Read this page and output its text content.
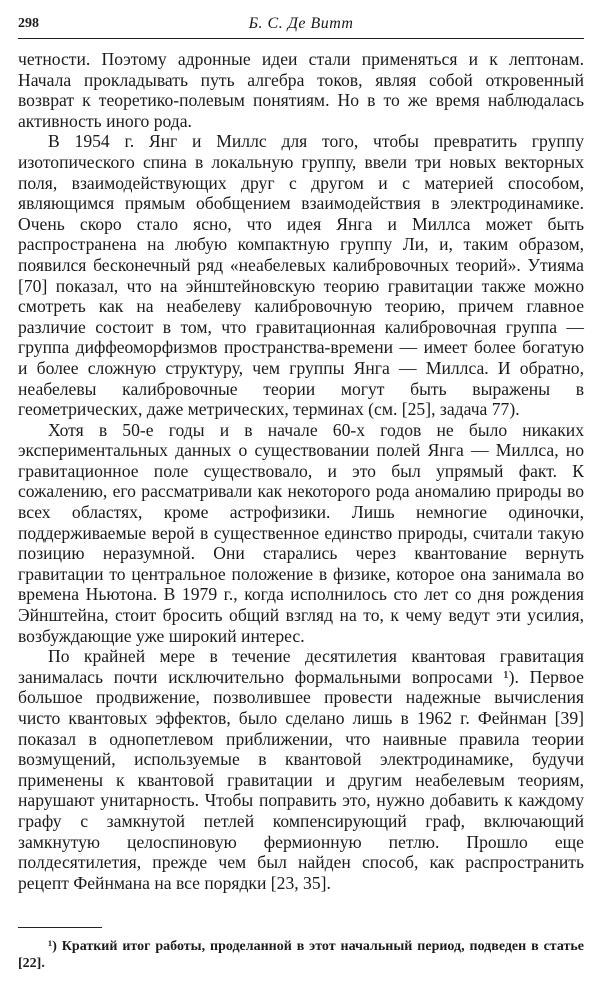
298	Б. С. Де Витт

четности. Поэтому адронные идеи стали применяться и к лептонам. Начала прокладывать путь алгебра токов, являя собой откровенный возврат к теоретико-полевым понятиям. Но в то же время наблюдалась активность иного рода.

В 1954 г. Янг и Миллс для того, чтобы превратить группу изотопического спина в локальную группу, ввели три новых векторных поля, взаимодействующих друг с другом и с материей способом, являющимся прямым обобщением взаимодействия в электродинамике. Очень скоро стало ясно, что идея Янга и Миллса может быть распространена на любую компактную группу Ли, и, таким образом, появился бесконечный ряд «неабелевых калибровочных теорий». Утияма [70] показал, что на эйнштейновскую теорию гравитации также можно смотреть как на неабелеву калибровочную теорию, причем главное различие состоит в том, что гравитационная калибровочная группа — группа диффеоморфизмов пространства-времени — имеет более богатую и более сложную структуру, чем группы Янга — Миллса. И обратно, неабелевы калибровочные теории могут быть выражены в геометрических, даже метрических, терминах (см. [25], задача 77).

Хотя в 50-е годы и в начале 60-х годов не было никаких экспериментальных данных о существовании полей Янга — Миллса, но гравитационное поле существовало, и это был упрямый факт. К сожалению, его рассматривали как некоторого рода аномалию природы во всех областях, кроме астрофизики. Лишь немногие одиночки, поддерживаемые верой в существенное единство природы, считали такую позицию неразумной. Они старались через квантование вернуть гравитации то центральное положение в физике, которое она занимала во времена Ньютона. В 1979 г., когда исполнилось сто лет со дня рождения Эйнштейна, стоит бросить общий взгляд на то, к чему ведут эти усилия, возбуждающие уже широкий интерес.

По крайней мере в течение десятилетия квантовая гравитация занималась почти исключительно формальными вопросами ¹). Первое большое продвижение, позволившее провести надежные вычисления чисто квантовых эффектов, было сделано лишь в 1962 г. Фейнман [39] показал в однопетлевом приближении, что наивные правила теории возмущений, используемые в квантовой электродинамике, будучи применены к квантовой гравитации и другим неабелевым теориям, нарушают унитарность. Чтобы поправить это, нужно добавить к каждому графу с замкнутой петлей компенсирующий граф, включающий замкнутую целоспиновую фермионную петлю. Прошло еще полдесятилетия, прежде чем был найден способ, как распространить рецепт Фейнмана на все порядки [23, 35].

¹) Краткий итог работы, проделанной в этот начальный период, подведен в статье [22].
